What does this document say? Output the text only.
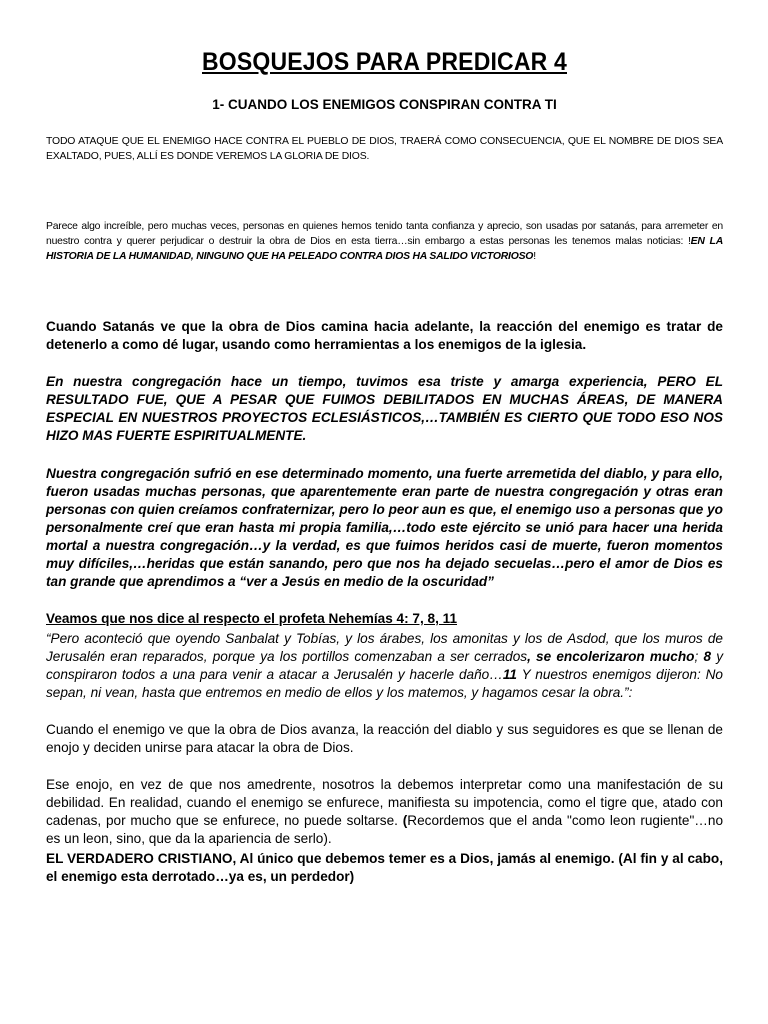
BOSQUEJOS PARA PREDICAR 4
1- CUANDO LOS ENEMIGOS CONSPIRAN CONTRA TI
TODO ATAQUE QUE EL ENEMIGO HACE CONTRA EL PUEBLO DE DIOS, TRAERÁ COMO CONSECUENCIA, QUE EL NOMBRE DE DIOS SEA EXALTADO, PUES, ALLÍ ES DONDE VEREMOS LA GLORIA DE DIOS.
Parece algo increíble, pero muchas veces, personas en quienes hemos tenido tanta confianza y aprecio, son usadas por satanás, para arremeter en nuestro contra y querer perjudicar o destruir la obra de Dios en esta tierra…sin embargo a estas personas les tenemos malas noticias: !EN LA HISTORIA DE LA HUMANIDAD, NINGUNO QUE HA PELEADO CONTRA DIOS HA SALIDO VICTORIOSO!
Cuando Satanás ve que la obra de Dios camina hacia adelante, la reacción del enemigo es tratar de detenerlo a como dé lugar, usando como herramientas a los enemigos de la iglesia.
En nuestra congregación hace un tiempo, tuvimos esa triste y amarga experiencia, PERO EL RESULTADO FUE, QUE A PESAR QUE FUIMOS DEBILITADOS EN MUCHAS ÁREAS, DE MANERA ESPECIAL EN NUESTROS PROYECTOS ECLESIÁSTICOS,…TAMBIÉN ES CIERTO QUE TODO ESO NOS HIZO MAS FUERTE ESPIRITUALMENTE.
Nuestra congregación sufrió en ese determinado momento, una fuerte arremetida del diablo, y para ello, fueron usadas muchas personas, que aparentemente eran parte de nuestra congregación y otras eran personas con quien creíamos confraternizar, pero lo peor aun es que, el enemigo uso a personas que yo personalmente creí que eran hasta mi propia familia,…todo este ejército se unió para hacer una herida mortal a nuestra congregación…y la verdad, es que fuimos heridos casi de muerte, fueron momentos muy difíciles,…heridas que están sanando, pero que nos ha dejado secuelas…pero el amor de Dios es tan grande que aprendimos a “ver a Jesús en medio de la oscuridad”
Veamos que nos dice al respecto el profeta Nehemías 4: 7, 8, 11
“Pero aconteció que oyendo Sanbalat y Tobías, y los árabes, los amonitas y los de Asdod, que los muros de Jerusalén eran reparados, porque ya los portillos comenzaban a ser cerrados, se encolerizaron mucho; 8 y conspiraron todos a una para venir a atacar a Jerusalén y hacerle daño…11 Y nuestros enemigos dijeron: No sepan, ni vean, hasta que entremos en medio de ellos y los matemos, y hagamos cesar la obra.”:
Cuando el enemigo ve que la obra de Dios avanza, la reacción del diablo y sus seguidores es que se llenan de enojo y deciden unirse para atacar la obra de Dios.
Ese enojo, en vez de que nos amedrente, nosotros la debemos interpretar como una manifestación de su debilidad. En realidad, cuando el enemigo se enfurece, manifiesta su impotencia, como el tigre que, atado con cadenas, por mucho que se enfurece, no puede soltarse. (Recordemos que el anda "como leon rugiente"…no es un leon, sino, que da la apariencia de serlo).
EL VERDADERO CRISTIANO, Al único que debemos temer es a Dios, jamás al enemigo. (Al fin y al cabo, el enemigo esta derrotado…ya es, un perdedor)
